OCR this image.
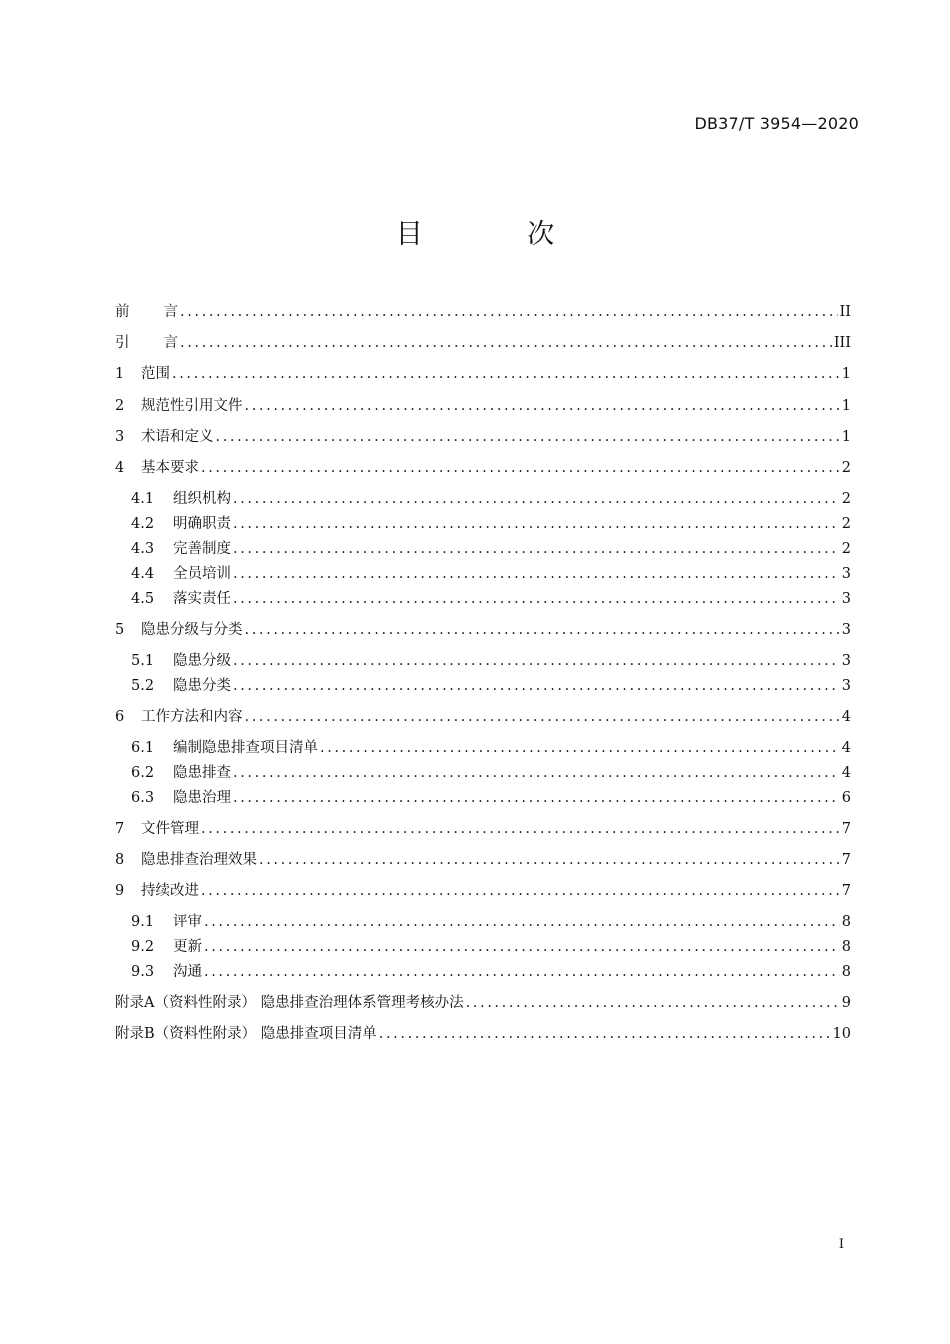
DB37/T 3954—2020
目 次
前 言 .....	II
引 言 .....	III
1	范围 .....	1
2	规范性引用文件 .....	1
3	术语和定义 .....	1
4	基本要求 .....	2
4.1	组织机构 .....	2
4.2	明确职责 .....	2
4.3	完善制度 .....	2
4.4	全员培训 .....	3
4.5	落实责任 .....	3
5	隐患分级与分类 .....	3
5.1	隐患分级 .....	3
5.2	隐患分类 .....	3
6	工作方法和内容 .....	4
6.1	编制隐患排查项目清单 .....	4
6.2	隐患排查 .....	4
6.3	隐患治理 .....	6
7	文件管理 .....	7
8	隐患排查治理效果 .....	7
9	持续改进 .....	7
9.1	评审 .....	8
9.2	更新 .....	8
9.3	沟通 .....	8
附录A（资料性附录） 隐患排查治理体系管理考核办法 .....	9
附录B（资料性附录） 隐患排查项目清单 .....	10
I
